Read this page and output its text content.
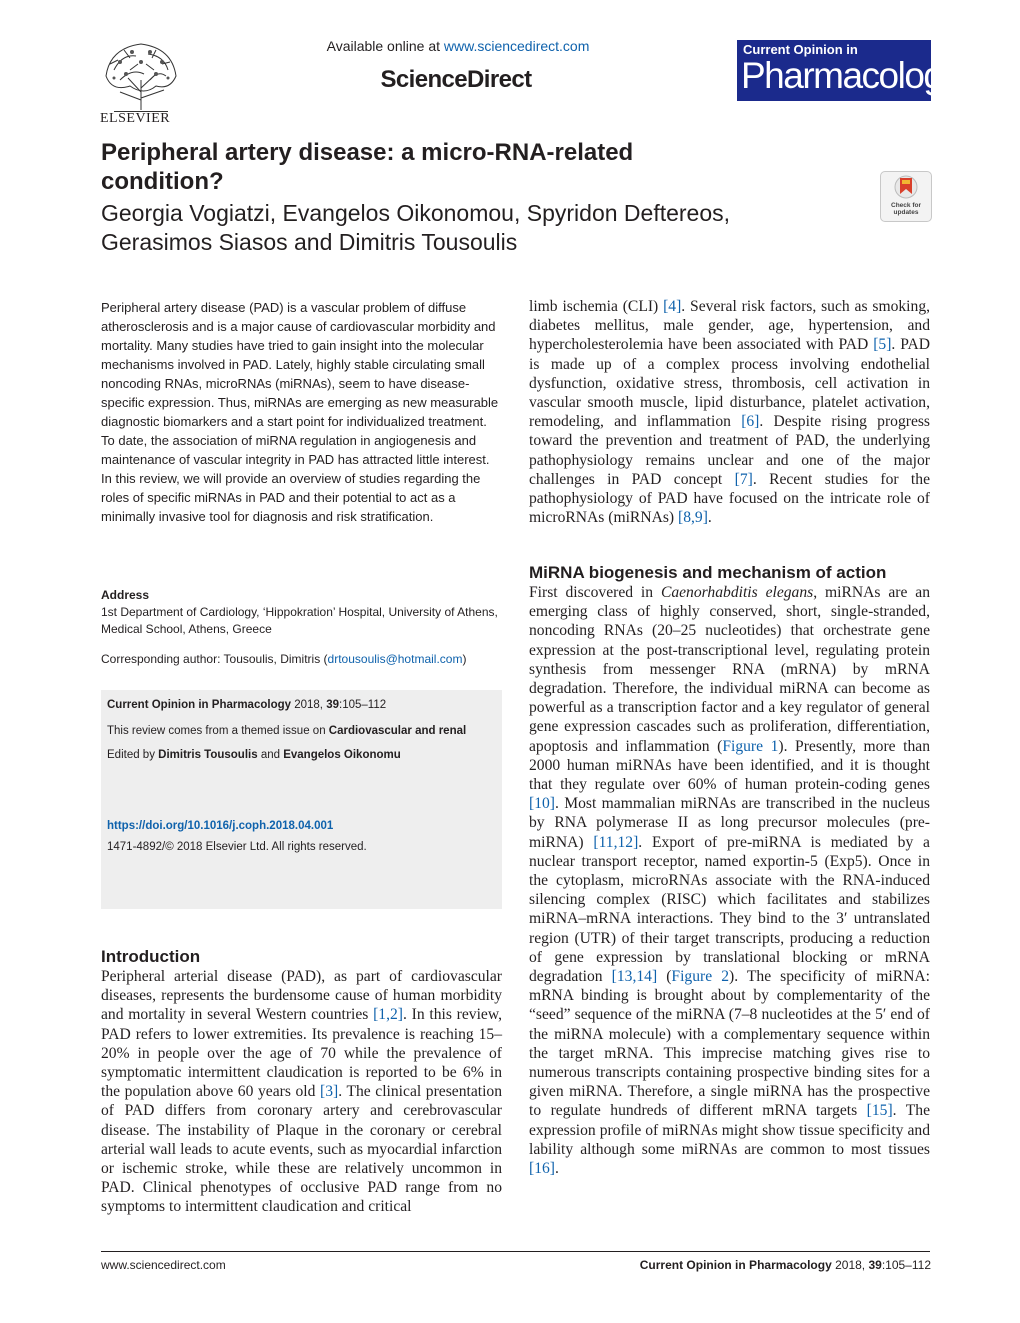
ELSEVIER
Available online at www.sciencedirect.com
ScienceDirect
Current Opinion in
Pharmacology
Peripheral artery disease: a micro-RNA-related condition?
Georgia Vogiatzi, Evangelos Oikonomou, Spyridon Deftereos, Gerasimos Siasos and Dimitris Tousoulis
Check for updates
Peripheral artery disease (PAD) is a vascular problem of diffuse atherosclerosis and is a major cause of cardiovascular morbidity and mortality. Many studies have tried to gain insight into the molecular mechanisms involved in PAD. Lately, highly stable circulating small noncoding RNAs, microRNAs (miRNAs), seem to have disease-specific expression. Thus, miRNAs are emerging as new measurable diagnostic biomarkers and a start point for individualized treatment. To date, the association of miRNA regulation in angiogenesis and maintenance of vascular integrity in PAD has attracted little interest. In this review, we will provide an overview of studies regarding the roles of specific miRNAs in PAD and their potential to act as a minimally invasive tool for diagnosis and risk stratification.
Address
1st Department of Cardiology, ‘Hippokration’ Hospital, University of Athens, Medical School, Athens, Greece
Corresponding author: Tousoulis, Dimitris (drtousoulis@hotmail.com)
Current Opinion in Pharmacology 2018, 39:105–112
This review comes from a themed issue on Cardiovascular and renal
Edited by Dimitris Tousoulis and Evangelos Oikonomu
https://doi.org/10.1016/j.coph.2018.04.001
1471-4892/© 2018 Elsevier Ltd. All rights reserved.
Introduction
Peripheral arterial disease (PAD), as part of cardiovascular diseases, represents the burdensome cause of human morbidity and mortality in several Western countries [1,2]. In this review, PAD refers to lower extremities. Its prevalence is reaching 15–20% in people over the age of 70 while the prevalence of symptomatic intermittent claudication is reported to be 6% in the population above 60 years old [3]. The clinical presentation of PAD differs from coronary artery and cerebrovascular disease. The instability of Plaque in the coronary or cerebral arterial wall leads to acute events, such as myocardial infarction or ischemic stroke, while these are relatively uncommon in PAD. Clinical phenotypes of occlusive PAD range from no symptoms to intermittent claudication and critical
limb ischemia (CLI) [4]. Several risk factors, such as smoking, diabetes mellitus, male gender, age, hypertension, and hypercholesterolemia have been associated with PAD [5]. PAD is made up of a complex process involving endothelial dysfunction, oxidative stress, thrombosis, cell activation in vascular smooth muscle, lipid disturbance, platelet activation, remodeling, and inflammation [6]. Despite rising progress toward the prevention and treatment of PAD, the underlying pathophysiology remains unclear and one of the major challenges in PAD concept [7]. Recent studies for the pathophysiology of PAD have focused on the intricate role of microRNAs (miRNAs) [8,9].
MiRNA biogenesis and mechanism of action
First discovered in Caenorhabditis elegans, miRNAs are an emerging class of highly conserved, short, single-stranded, noncoding RNAs (20–25 nucleotides) that orchestrate gene expression at the post-transcriptional level, regulating protein synthesis from messenger RNA (mRNA) by mRNA degradation. Therefore, the individual miRNA can become as powerful as a transcription factor and a key regulator of general gene expression cascades such as proliferation, differentiation, apoptosis and inflammation (Figure 1). Presently, more than 2000 human miRNAs have been identified, and it is thought that they regulate over 60% of human protein-coding genes [10]. Most mammalian miRNAs are transcribed in the nucleus by RNA polymerase II as long precursor molecules (pre-miRNA) [11,12]. Export of pre-miRNA is mediated by a nuclear transport receptor, named exportin-5 (Exp5). Once in the cytoplasm, microRNAs associate with the RNA-induced silencing complex (RISC) which facilitates and stabilizes miRNA–mRNA interactions. They bind to the 3′ untranslated region (UTR) of their target transcripts, producing a reduction of gene expression by translational blocking or mRNA degradation [13,14] (Figure 2). The specificity of miRNA: mRNA binding is brought about by complementarity of the “seed” sequence of the miRNA (7–8 nucleotides at the 5′ end of the miRNA molecule) with a complementary sequence within the target mRNA. This imprecise matching gives rise to numerous transcripts containing prospective binding sites for a given miRNA. Therefore, a single miRNA has the prospective to regulate hundreds of different mRNA targets [15]. The expression profile of miRNAs might show tissue specificity and lability although some miRNAs are common to most tissues [16].
www.sciencedirect.com	Current Opinion in Pharmacology 2018, 39:105–112
